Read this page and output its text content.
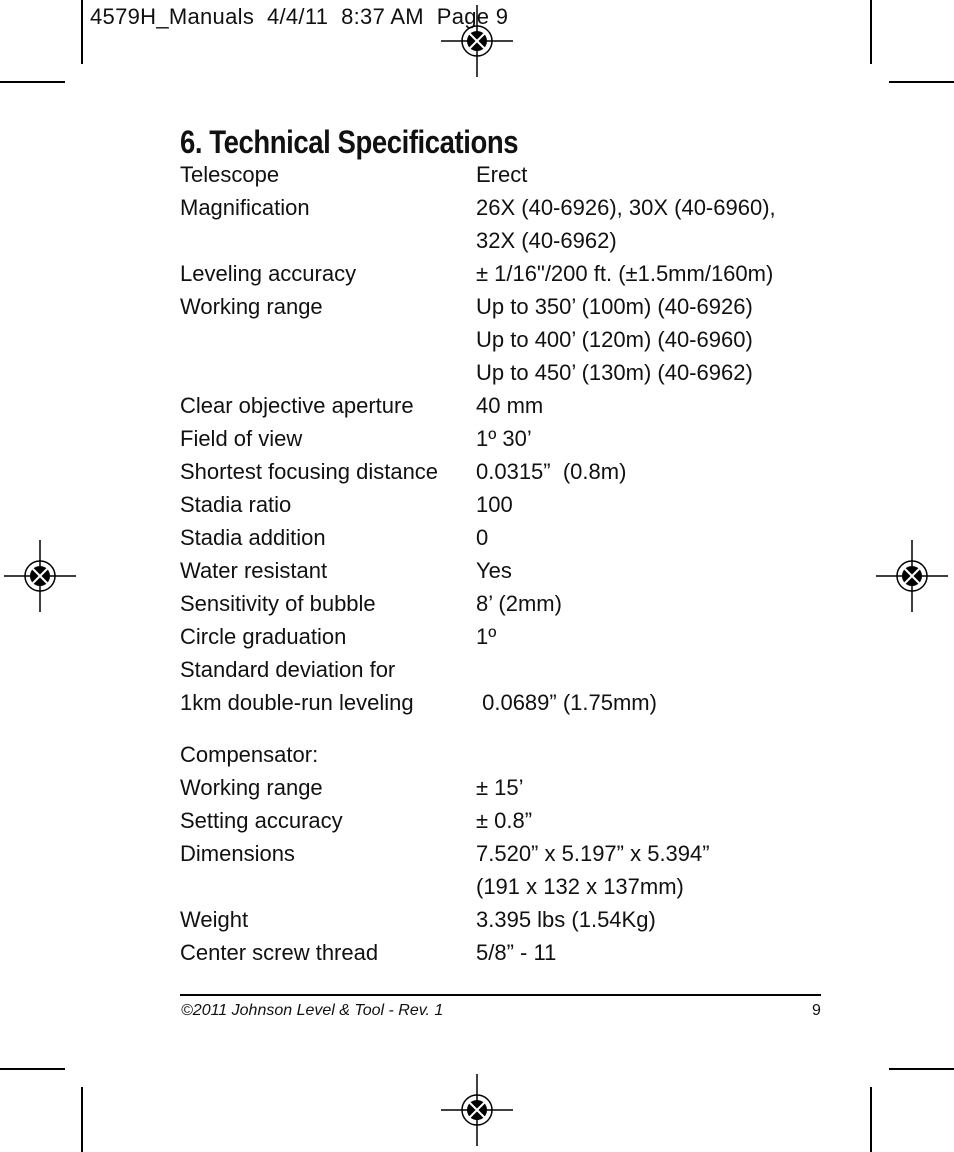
4579H_Manuals  4/4/11  8:37 AM  Page 9
6. Technical Specifications
Telescope	Erect
Magnification	26X (40-6926), 30X (40-6960),
32X (40-6962)
Leveling accuracy	± 1/16"/200 ft. (±1.5mm/160m)
Working range	Up to 350’ (100m) (40-6926)
Up to 400’ (120m) (40-6960)
Up to 450’ (130m) (40-6962)
Clear objective aperture	40 mm
Field of view	1º 30’
Shortest focusing distance	0.0315”  (0.8m)
Stadia ratio	100
Stadia addition	0
Water resistant	Yes
Sensitivity of bubble	8’ (2mm)
Circle graduation	1º
Standard deviation for
1km double-run leveling	0.0689” (1.75mm)
Compensator:
Working range	± 15’
Setting accuracy	± 0.8”
Dimensions	7.520” x 5.197” x 5.394”
(191 x 132 x 137mm)
Weight	3.395 lbs (1.54Kg)
Center screw thread	5/8” - 11
©2011 Johnson Level & Tool - Rev. 1	9
